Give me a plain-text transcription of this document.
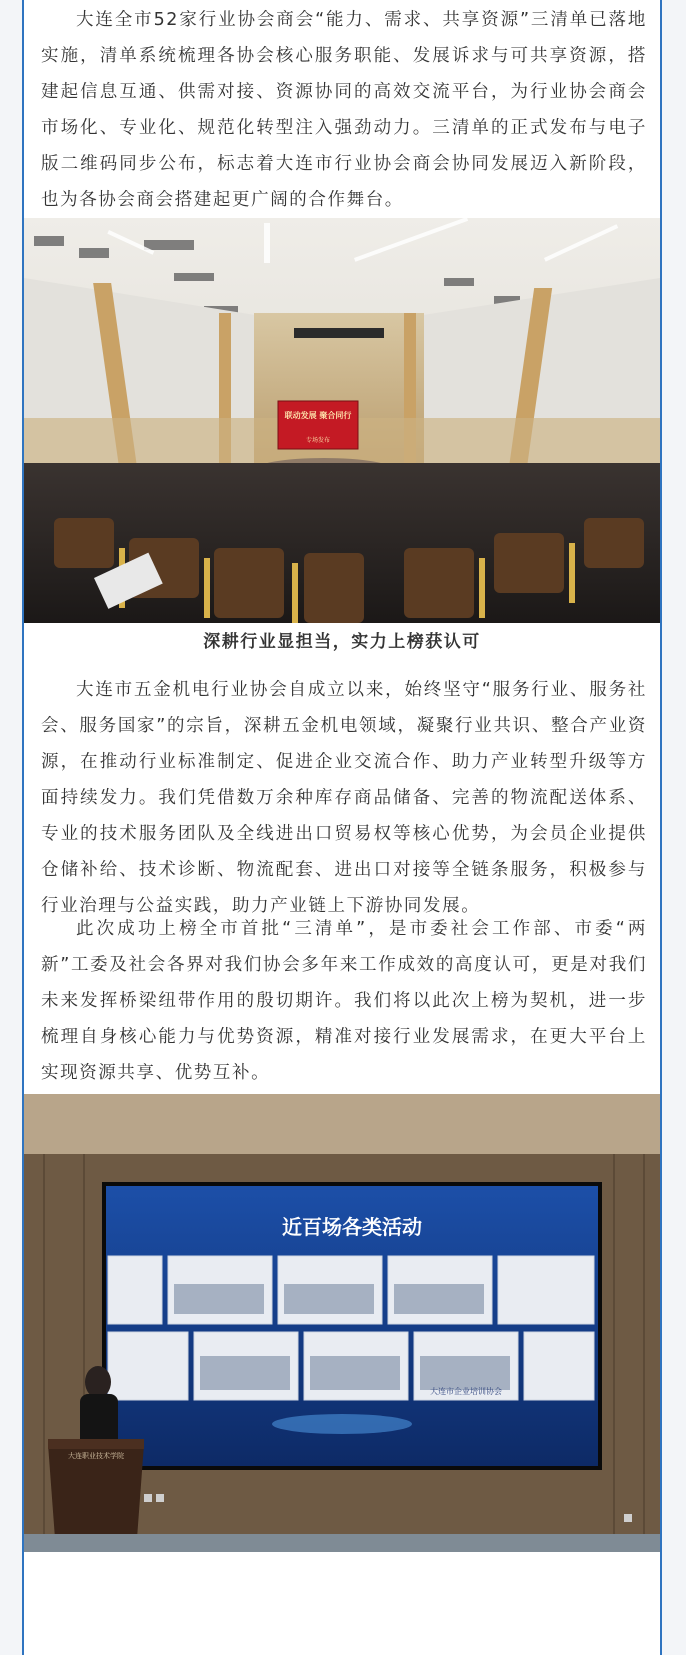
大连全市52家行业协会商会“能力、需求、共享资源”三清单已落地实施，清单系统梳理各协会核心服务职能、发展诉求与可共享资源，搭建起信息互通、供需对接、资源协同的高效交流平台，为行业协会商会市场化、专业化、规范化转型注入强劲动力。三清单的正式发布与电子版二维码同步公布，标志着大连市行业协会商会协同发展迈入新阶段，也为各协会商会搭建起更广阔的合作舞台。

联动发展 聚合同行
专场发布

深耕行业显担当，实力上榜获认可

大连市五金机电行业协会自成立以来，始终坚守“服务行业、服务社会、服务国家”的宗旨，深耕五金机电领域，凝聚行业共识、整合产业资源，在推动行业标准制定、促进企业交流合作、助力产业转型升级等方面持续发力。我们凭借数万余种库存商品储备、完善的物流配送体系、专业的技术服务团队及全线进出口贸易权等核心优势，为会员企业提供仓储补给、技术诊断、物流配套、进出口对接等全链条服务，积极参与行业治理与公益实践，助力产业链上下游协同发展。

此次成功上榜全市首批“三清单”，是市委社会工作部、市委“两新”工委及社会各界对我们协会多年来工作成效的高度认可，更是对我们未来发挥桥梁纽带作用的殷切期许。我们将以此次上榜为契机，进一步梳理自身核心能力与优势资源，精准对接行业发展需求，在更大平台上实现资源共享、优势互补。

近百场各类活动
大连市企业培训协会
大连职业技术学院
